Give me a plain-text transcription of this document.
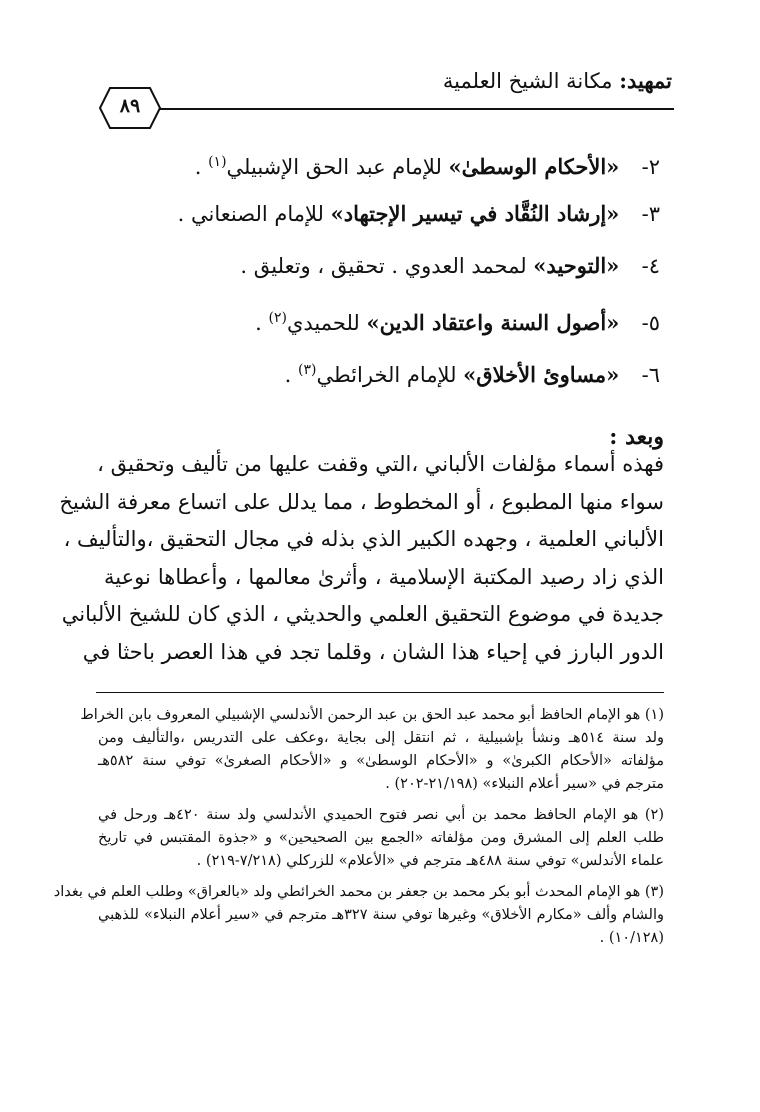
تمهيد: مكانة الشيخ العلمية
٨٩
٢- «الأحكام الوسطىٰ» للإمام عبد الحق الإشبيلي$^{(١)}$ .
٣- «إرشاد النُقَّاد في تيسير الإجتهاد» للإمام الصنعاني .
٤- «التوحيد» لمحمد العدوي . تحقيق ، وتعليق .
٥- «أصول السنة واعتقاد الدين» للحميدي$^{(٢)}$ .
٦- «مساوئ الأخلاق» للإمام الخرائطي$^{(٣)}$ .
وبعد :
فهذه أسماء مؤلفات الألباني ،التي وقفت عليها من تأليف وتحقيق ،
سواء منها المطبوع ، أو المخطوط ، مما يدلل على اتساع معرفة الشيخ
الألباني العلمية ، وجهده الكبير الذي بذله في مجال التحقيق ،والتأليف ،
الذي زاد رصيد المكتبة الإسلامية ، وأثرىٰ معالمها ، وأعطاها نوعية
جديدة في موضوع التحقيق العلمي والحديثي ، الذي كان للشيخ الألباني
الدور البارز في إحياء هذا الشان ، وقلما تجد في هذا العصر باحثا في
(١) هو الإمام الحافظ أبو محمد عبد الحق بن عبد الرحمن الأندلسي الإشبيلي المعروف بابن الخراط
ولد سنة ٥١٤هـ ونشأ بإشبيلية ، ثم انتقل إلى بجاية ،وعكف على التدريس ،والتأليف ومن
مؤلفاته «الأحكام الكبرىٰ» و «الأحكام الوسطىٰ» و «الأحكام الصغرىٰ» توفي سنة ٥٨٢هـ
مترجم في «سير أعلام النبلاء» (٢١/١٩٨-٢٠٢) .
(٢) هو الإمام الحافظ محمد بن أبي نصر فتوح الحميدي الأندلسي ولد سنة ٤٢٠هـ ورحل في
طلب العلم إلى المشرق ومن مؤلفاته «الجمع بين الصحيحين» و «جذوة المقتبس في تاريخ
علماء الأندلس» توفي سنة ٤٨٨هـ مترجم في «الأعلام» للزركلي (٧/٢١٨-٢١٩) .
(٣) هو الإمام المحدث أبو بكر محمد بن جعفر بن محمد الخرائطي ولد «بالعراق» وطلب العلم في بغداد
والشام وألف «مكارم الأخلاق» وغيرها توفي سنة ٣٢٧هـ مترجم في «سير أعلام النبلاء» للذهبي
(١٠/١٢٨) .
